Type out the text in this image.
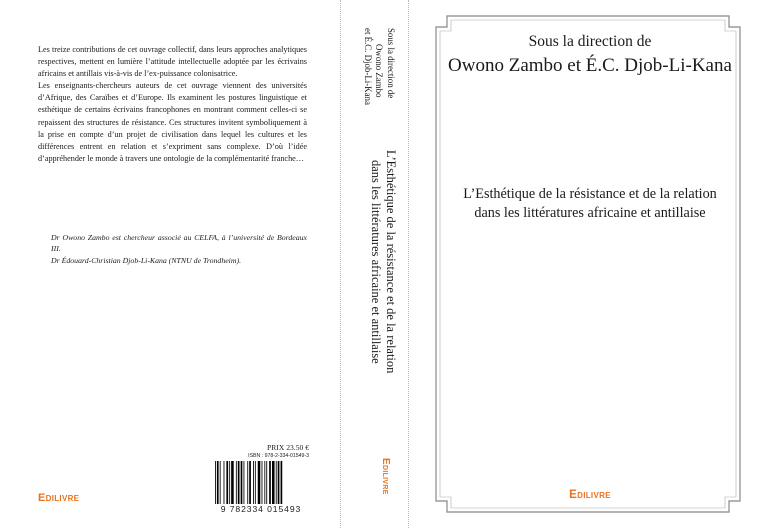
Les treize contributions de cet ouvrage collectif, dans leurs approches analytiques respectives, mettent en lumière l’attitude intellectuelle adoptée par les écrivains africains et antillais vis-à-vis de l’ex-puissance colonisatrice.

Les enseignants-chercheurs auteurs de cet ouvrage viennent des universités d’Afrique, des Caraïbes et d’Europe. Ils examinent les postures linguistique et esthétique de certains écrivains francophones en montrant comment celles-ci se repaissent des structures de résistance. Ces structures invitent symboliquement à la prise en compte d’un projet de civilisation dans lequel les cultures et les différences entrent en relation et s’expriment sans complexe. D’où l’idée d’appréhender le monde à travers une ontologie de la complémentarité franche…

Dr Owono Zambo est chercheur associé au CELFA, à l’université de Bordeaux III.

Dr Édouard-Christian Djob-Li-Kana (NTNU de Trondheim).

PRIX 23.50 €
ISBN : 978-2-334-01549-3
9 782334 015493
Edilivre
Sous la direction de
Owono Zambo
et É.C. Djob-Li-Kana
L’Esthétique de la résistance et de la relation
dans les littératures africaine et antillaise
Edilivre
Sous la direction de
Owono Zambo et É.C. Djob-Li-Kana
L’Esthétique de la résistance et de la relation
dans les littératures africaine et antillaise
Edilivre
